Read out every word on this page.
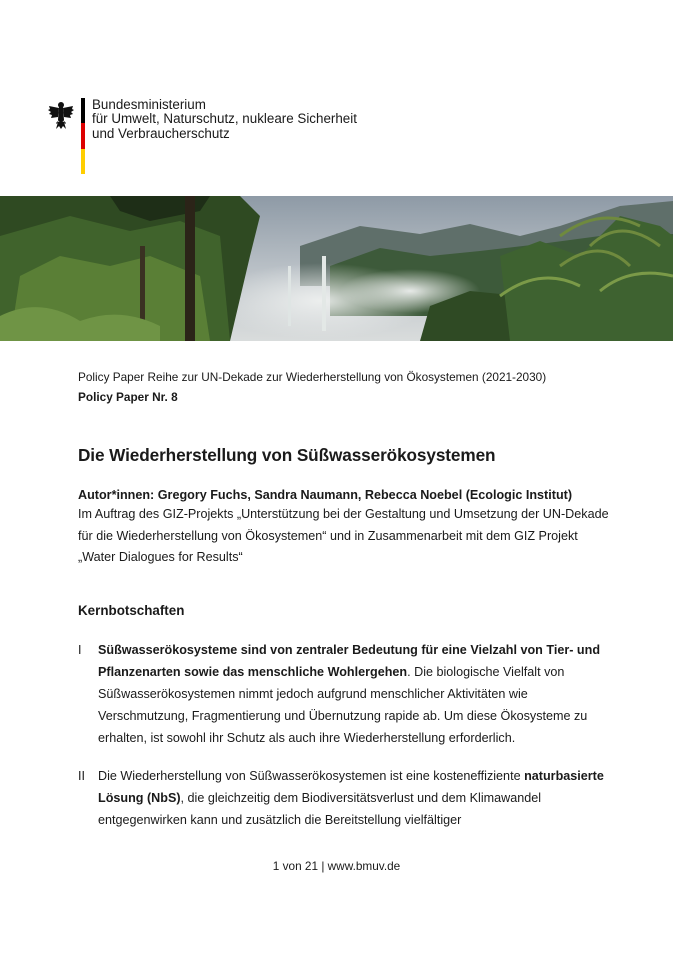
Bundesministerium
für Umwelt, Naturschutz, nukleare Sicherheit
und Verbraucherschutz
Policy Paper Reihe zur UN-Dekade zur Wiederherstellung von Ökosystemen (2021-2030)
Policy Paper Nr. 8
Die Wiederherstellung von Süßwasserökosystemen
Autor*innen: Gregory Fuchs, Sandra Naumann, Rebecca Noebel (Ecologic Institut)
Im Auftrag des GIZ-Projekts „Unterstützung bei der Gestaltung und Umsetzung der UN-Dekade für die Wiederherstellung von Ökosystemen“ und in Zusammenarbeit mit dem GIZ Projekt „Water Dialogues for Results“
Kernbotschaften
I Süßwasserökosysteme sind von zentraler Bedeutung für eine Vielzahl von Tier- und Pflanzenarten sowie das menschliche Wohlergehen. Die biologische Vielfalt von Süßwasserökosystemen nimmt jedoch aufgrund menschlicher Aktivitäten wie Verschmutzung, Fragmentierung und Übernutzung rapide ab. Um diese Ökosysteme zu erhalten, ist sowohl ihr Schutz als auch ihre Wiederherstellung erforderlich.
II Die Wiederherstellung von Süßwasserökosystemen ist eine kosteneffiziente naturbasierte Lösung (NbS), die gleichzeitig dem Biodiversitätsverlust und dem Klimawandel entgegenwirken kann und zusätzlich die Bereitstellung vielfältiger
1 von 21 | www.bmuv.de
